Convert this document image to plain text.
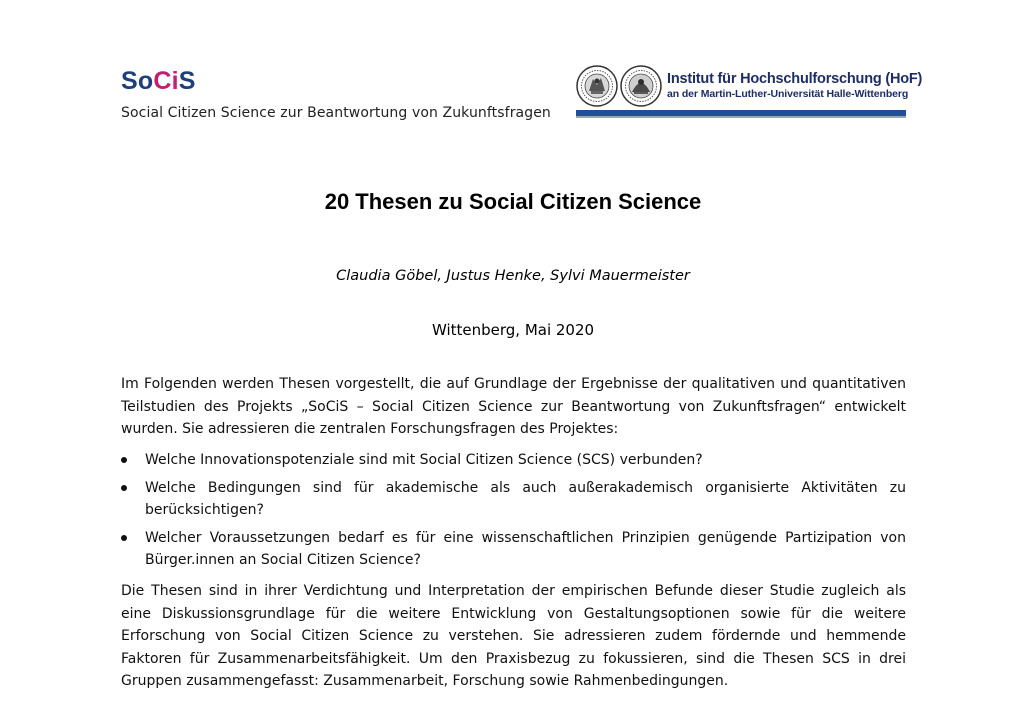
SoCiS
Social Citizen Science zur Beantwortung von Zukunftsfragen
Institut für Hochschulforschung (HoF)
an der Martin-Luther-Universität Halle-Wittenberg
20 Thesen zu Social Citizen Science
Claudia Göbel, Justus Henke, Sylvi Mauermeister
Wittenberg, Mai 2020
Im Folgenden werden Thesen vorgestellt, die auf Grundlage der Ergebnisse der qualitativen und quantitativen Teilstudien des Projekts „SoCiS – Social Citizen Science zur Beantwortung von Zukunftsfragen“ entwickelt wurden. Sie adressieren die zentralen Forschungsfragen des Projektes:
Welche Innovationspotenziale sind mit Social Citizen Science (SCS) verbunden?
Welche Bedingungen sind für akademische als auch außerakademisch organisierte Aktivitäten zu berücksichtigen?
Welcher Voraussetzungen bedarf es für eine wissenschaftlichen Prinzipien genügende Partizipation von Bürger.innen an Social Citizen Science?
Die Thesen sind in ihrer Verdichtung und Interpretation der empirischen Befunde dieser Studie zugleich als eine Diskussionsgrundlage für die weitere Entwicklung von Gestaltungsoptionen sowie für die weitere Erforschung von Social Citizen Science zu verstehen. Sie adressieren zudem fördernde und hemmende Faktoren für Zusammenarbeitsfähigkeit. Um den Praxisbezug zu fokussieren, sind die Thesen SCS in drei Gruppen zusammengefasst: Zusammenarbeit, Forschung sowie Rahmenbedingungen.
